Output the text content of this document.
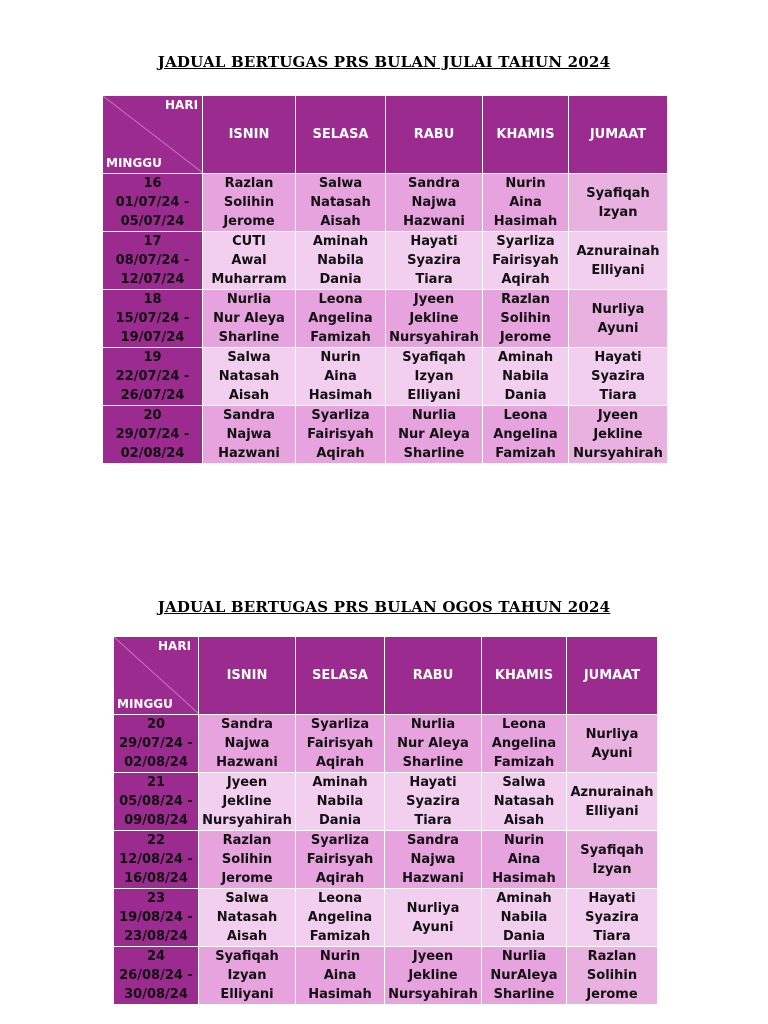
JADUAL BERTUGAS PRS BULAN JULAI TAHUN 2024
HARI
MINGGU	ISNIN	SELASA	RABU	KHAMIS	JUMAAT

16
01/07/24 -
05/07/24	Razlan
Solihin
Jerome	Salwa
Natasah
Aisah	Sandra
Najwa
Hazwani	Nurin
Aina
Hasimah	Syafiqah
Izyan

17
08/07/24 -
12/07/24	CUTI
Awal
Muharram	Aminah
Nabila
Dania	Hayati
Syazira
Tiara	Syarliza
Fairisyah
Aqirah	Aznurainah
Elliyani

18
15/07/24 -
19/07/24	Nurlia
Nur Aleya
Sharline	Leona
Angelina
Famizah	Jyeen
Jekline
Nursyahirah	Razlan
Solihin
Jerome	Nurliya
Ayuni

19
22/07/24 -
26/07/24	Salwa
Natasah
Aisah	Nurin
Aina
Hasimah	Syafiqah
Izyan
Elliyani	Aminah
Nabila
Dania	Hayati
Syazira
Tiara

20
29/07/24 -
02/08/24	Sandra
Najwa
Hazwani	Syarliza
Fairisyah
Aqirah	Nurlia
Nur Aleya
Sharline	Leona
Angelina
Famizah	Jyeen
Jekline
Nursyahirah
JADUAL BERTUGAS PRS BULAN OGOS TAHUN 2024
HARI
MINGGU	ISNIN	SELASA	RABU	KHAMIS	JUMAAT

20
29/07/24 -
02/08/24	Sandra
Najwa
Hazwani	Syarliza
Fairisyah
Aqirah	Nurlia
Nur Aleya
Sharline	Leona
Angelina
Famizah	Nurliya
Ayuni

21
05/08/24 -
09/08/24	Jyeen
Jekline
Nursyahirah	Aminah
Nabila
Dania	Hayati
Syazira
Tiara	Salwa
Natasah
Aisah	Aznurainah
Elliyani

22
12/08/24 -
16/08/24	Razlan
Solihin
Jerome	Syarliza
Fairisyah
Aqirah	Sandra
Najwa
Hazwani	Nurin
Aina
Hasimah	Syafiqah
Izyan

23
19/08/24 -
23/08/24	Salwa
Natasah
Aisah	Leona
Angelina
Famizah	Nurliya
Ayuni	Aminah
Nabila
Dania	Hayati
Syazira
Tiara

24
26/08/24 -
30/08/24	Syafiqah
Izyan
Elliyani	Nurin
Aina
Hasimah	Jyeen
Jekline
Nursyahirah	Nurlia
NurAleya
Sharline	Razlan
Solihin
Jerome
